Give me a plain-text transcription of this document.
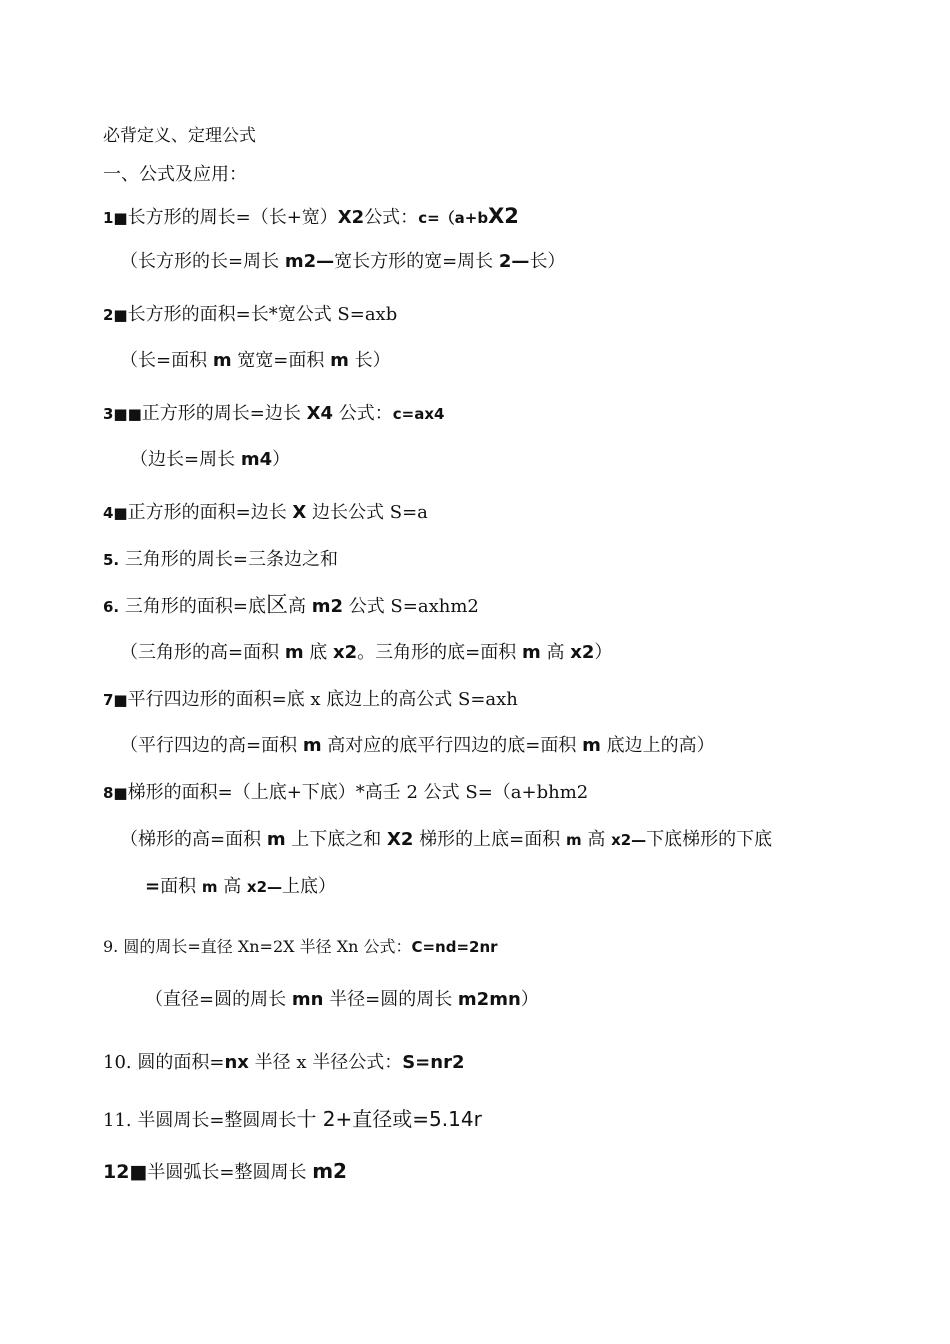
必背定义、定理公式
一、公式及应用：
1■长方形的周长=（长+宽）X2公式：c=（a+bX2
（长方形的长=周长 m2—宽长方形的宽=周长 2—长）
2■长方形的面积=长*宽公式 S=axb
（长=面积 m 宽宽=面积 m 长）
3■■正方形的周长=边长 X4 公式：c=ax4
（边长=周长 m4）
4■正方形的面积=边长 X 边长公式 S=a
5. 三角形的周长=三条边之和
6. 三角形的面积=底区高 m2 公式 S=axhm2
（三角形的高=面积 m 底 x2。三角形的底=面积 m 高 x2）
7■平行四边形的面积=底 x 底边上的高公式 S=axh
（平行四边的高=面积 m 高对应的底平行四边的底=面积 m 底边上的高）
8■梯形的面积=（上底+下底）*高壬 2 公式 S=（a+bhm2
（梯形的高=面积 m 上下底之和 X2 梯形的上底=面积 m 高 x2—下底梯形的下底
=面积 m 高 x2—上底）
9. 圆的周长=直径 Xn=2X 半径 Xn 公式：C=nd=2nr
（直径=圆的周长 mn 半径=圆的周长 m2mn）
10. 圆的面积=nx 半径 x 半径公式：S=nr2
11. 半圆周长=整圆周长十 2+直径或=5.14r
12■半圆弧长=整圆周长 m2
